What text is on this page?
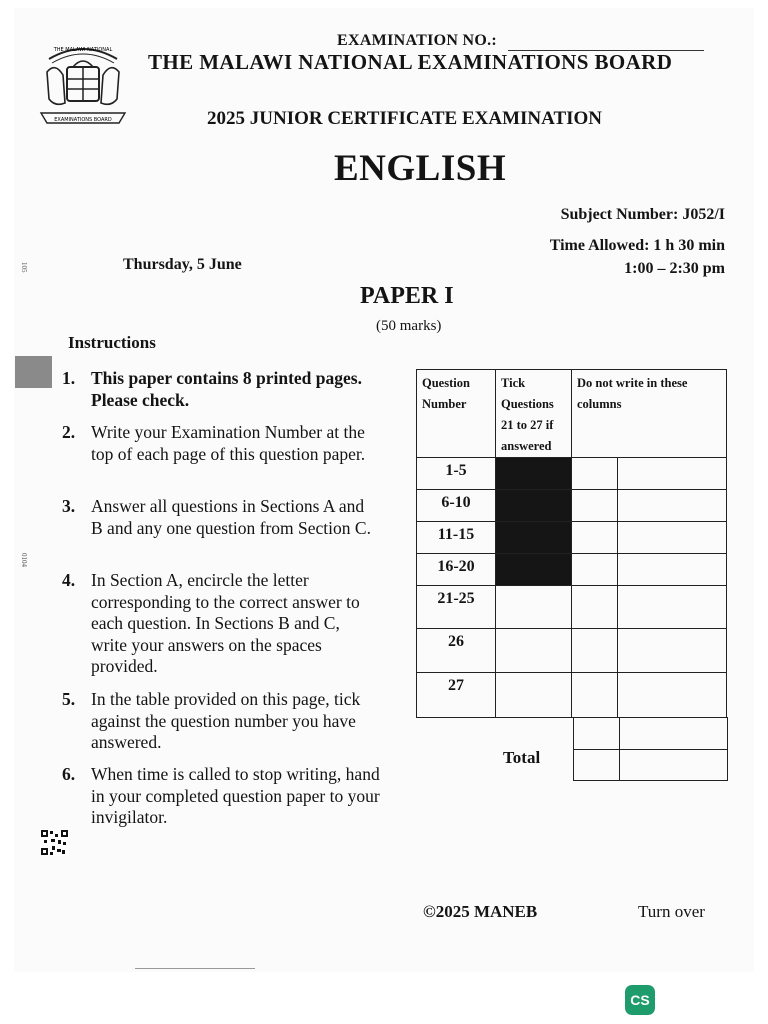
EXAMINATIONS BOARD
THE MALAWI NATIONAL
EXAMINATION NO.:
THE MALAWI NATIONAL EXAMINATIONS BOARD
2025 JUNIOR CERTIFICATE EXAMINATION
ENGLISH
Subject Number: J052/I
Time Allowed: 1 h 30 min
1:00 – 2:30 pm
Thursday, 5 June
PAPER I
(50 marks)
105
0104
Instructions
1. This paper contains 8 printed pages. Please check.
2. Write your Examination Number at the top of each page of this question paper.
3. Answer all questions in Sections A and B and any one question from Section C.
4. In Section A, encircle the letter corresponding to the correct answer to each question. In Sections B and C, write your answers on the spaces provided.
5. In the table provided on this page, tick against the question number you have answered.
6. When time is called to stop writing, hand in your completed question paper to your invigilator.
Question Number	Tick Questions 21 to 27 if answered	Do not write in these columns	
1-5			
6-10			
11-15			
16-20			
21-25			
26			
27			

Total
©2025 MANEB	Turn over
CS
